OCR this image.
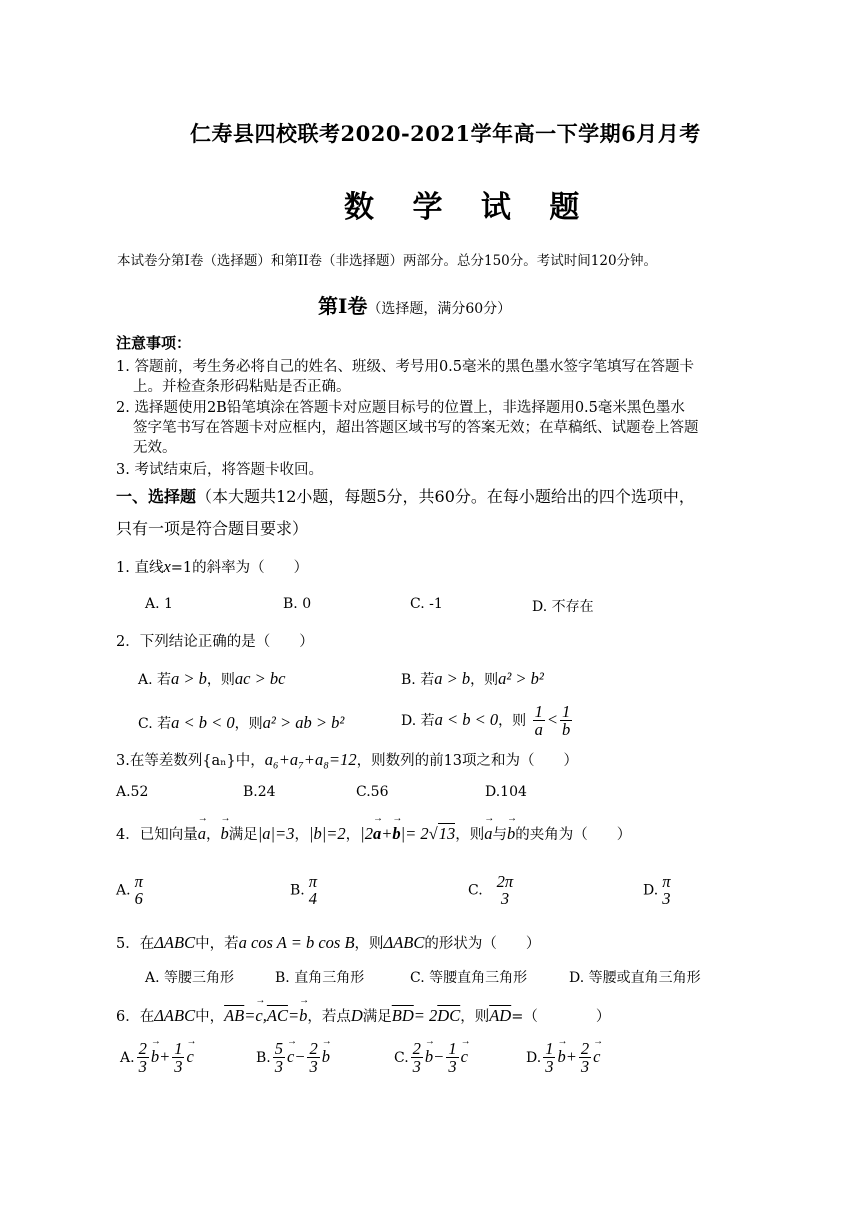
仁寿县四校联考2020-2021学年高一下学期6月月考
数 学 试 题
本试卷分第Ⅰ卷（选择题）和第II卷（非选择题）两部分。总分150分。考试时间120分钟。
第Ⅰ卷（选择题，满分60分）
注意事项：
1. 答题前，考生务必将自己的姓名、班级、考号用0.5毫米的黑色墨水签字笔填写在答题卡
上。并检查条形码粘贴是否正确。
2. 选择题使用2B铅笔填涂在答题卡对应题目标号的位置上，非选择题用0.5毫米黑色墨水
签字笔书写在答题卡对应框内，超出答题区域书写的答案无效；在草稿纸、试题卷上答题
无效。
3. 考试结束后，将答题卡收回。
一、选择题（本大题共12小题，每题5分，共60分。在每小题给出的四个选项中，
只有一项是符合题目要求）
1. 直线x=1的斜率为（　　）
A. 1	B. 0	C. -1	D. 不存在
2．下列结论正确的是（　　）
A. 若a > b，则ac > bc	B. 若a > b，则a² > b²
C. 若a < b < 0，则a² > ab > b²	D. 若a < b < 0，则 $\frac{1}{a} < \frac{1}{b}$
3.在等差数列{aₙ}中，a₆+a₇+a₈=12，则数列的前13项之和为（　　）
A.52	B.24	C.56	D.104
4．已知向量→ a，→ b满足|a|=3，|b|=2，|2→ a+→ b|= 2√13，则→ a与→ b的夹角为（　　）
A. π
6	B. π
4	C. 2π
3	D. π
3
5．在ΔABC中，若a cos A = b cos B，则ΔABC的形状为（　　）
A. 等腰三角形	B. 直角三角形	C. 等腰直角三角形	D. 等腰或直角三角形
6．在ΔABC中，$\overline{AB}=\to c,\overline{AC}=\to b$，若点D满足$\overline{BD}= 2\overline{DC}$，则$\overline{AD}=$（　　　　）
A. $\frac{2}{3} \to b+ \frac{1}{3} \to c$	B. $\frac{5}{3} \to c- \frac{2}{3} \to b$	C. $\frac{2}{3} \to b- \frac{1}{3} \to c$	D. $\frac{1}{3} \to b+ \frac{2}{3} \to c$
